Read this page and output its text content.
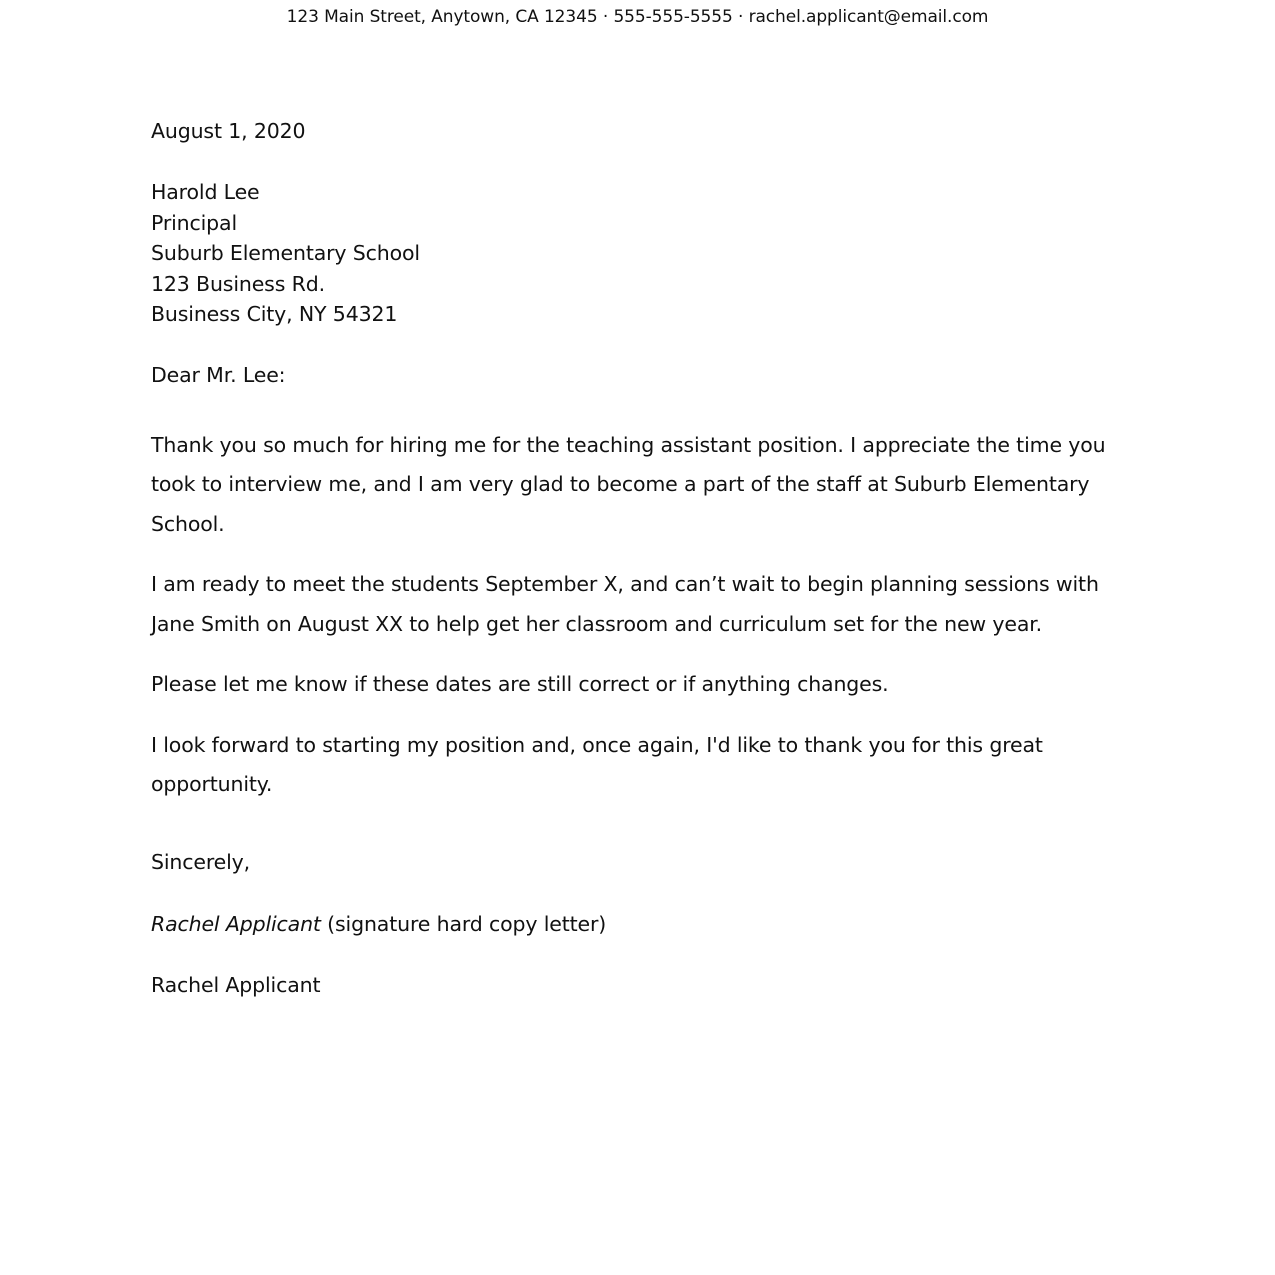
123 Main Street, Anytown, CA 12345 · 555-555-5555 · rachel.applicant@email.com
August 1, 2020
Harold Lee
Principal
Suburb Elementary School
123 Business Rd.
Business City, NY 54321
Dear Mr. Lee:

Thank you so much for hiring me for the teaching assistant position. I appreciate the time you took to interview me, and I am very glad to become a part of the staff at Suburb Elementary School.

I am ready to meet the students September X, and can’t wait to begin planning sessions with Jane Smith on August XX to help get her classroom and curriculum set for the new year.

Please let me know if these dates are still correct or if anything changes.

I look forward to starting my position and, once again, I'd like to thank you for this great opportunity.

Sincerely,
Rachel Applicant (signature hard copy letter)
Rachel Applicant
